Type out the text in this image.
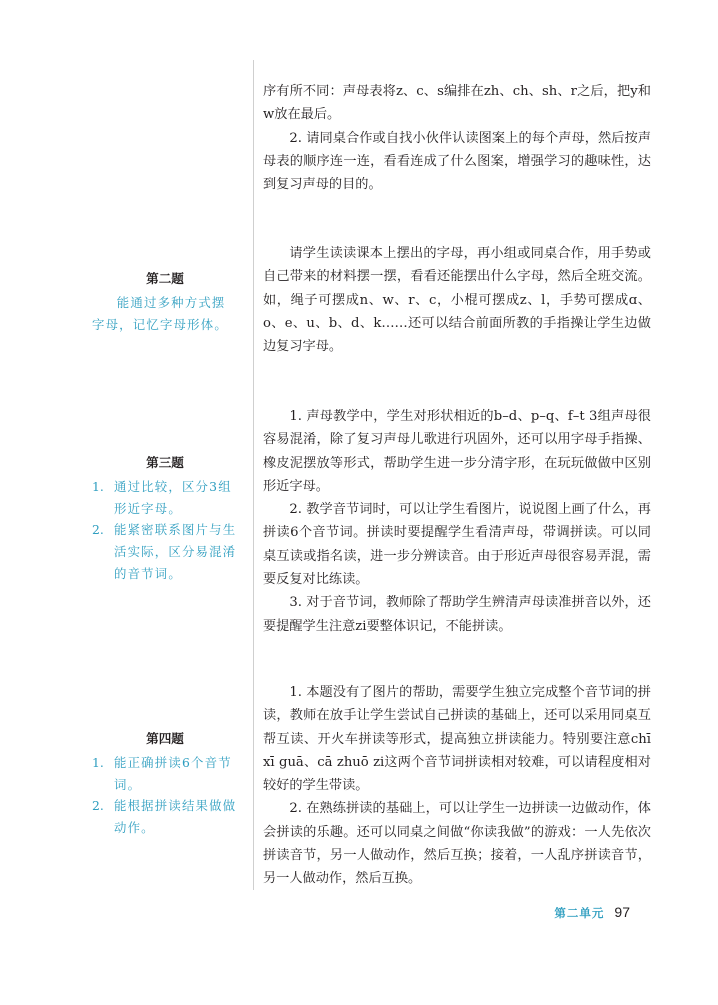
序有所不同：声母表将z、c、s编排在zh、ch、sh、r之后，把y和w放在最后。

2. 请同桌合作或自找小伙伴认读图案上的每个声母，然后按声母表的顺序连一连，看看连成了什么图案，增强学习的趣味性，达到复习声母的目的。

第二题
能通过多种方式摆字母，记忆字母形体。

请学生读读课本上摆出的字母，再小组或同桌合作，用手势或自己带来的材料摆一摆，看看还能摆出什么字母，然后全班交流。如，绳子可摆成n、w、r、c，小棍可摆成z、l，手势可摆成ɑ、o、e、u、b、d、k……还可以结合前面所教的手指操让学生边做边复习字母。

第三题
1. 通过比较，区分3组形近字母。
2. 能紧密联系图片与生活实际，区分易混淆的音节词。

1. 声母教学中，学生对形状相近的b–d、p–q、f–t 3组声母很容易混淆，除了复习声母儿歌进行巩固外，还可以用字母手指操、橡皮泥摆放等形式，帮助学生进一步分清字形，在玩玩做做中区别形近字母。

2. 教学音节词时，可以让学生看图片，说说图上画了什么，再拼读6个音节词。拼读时要提醒学生看清声母，带调拼读。可以同桌互读或指名读，进一步分辨读音。由于形近声母很容易弄混，需要反复对比练读。

3. 对于音节词，教师除了帮助学生辨清声母读准拼音以外，还要提醒学生注意zi要整体识记，不能拼读。

第四题
1. 能正确拼读6个音节词。
2. 能根据拼读结果做做动作。

1. 本题没有了图片的帮助，需要学生独立完成整个音节词的拼读，教师在放手让学生尝试自己拼读的基础上，还可以采用同桌互帮互读、开火车拼读等形式，提高独立拼读能力。特别要注意chī xī guā、cā zhuō zi这两个音节词拼读相对较难，可以请程度相对较好的学生带读。

2. 在熟练拼读的基础上，可以让学生一边拼读一边做动作，体会拼读的乐趣。还可以同桌之间做“你读我做”的游戏：一人先依次拼读音节，另一人做动作，然后互换；接着，一人乱序拼读音节，另一人做动作，然后互换。

第二单元 97
